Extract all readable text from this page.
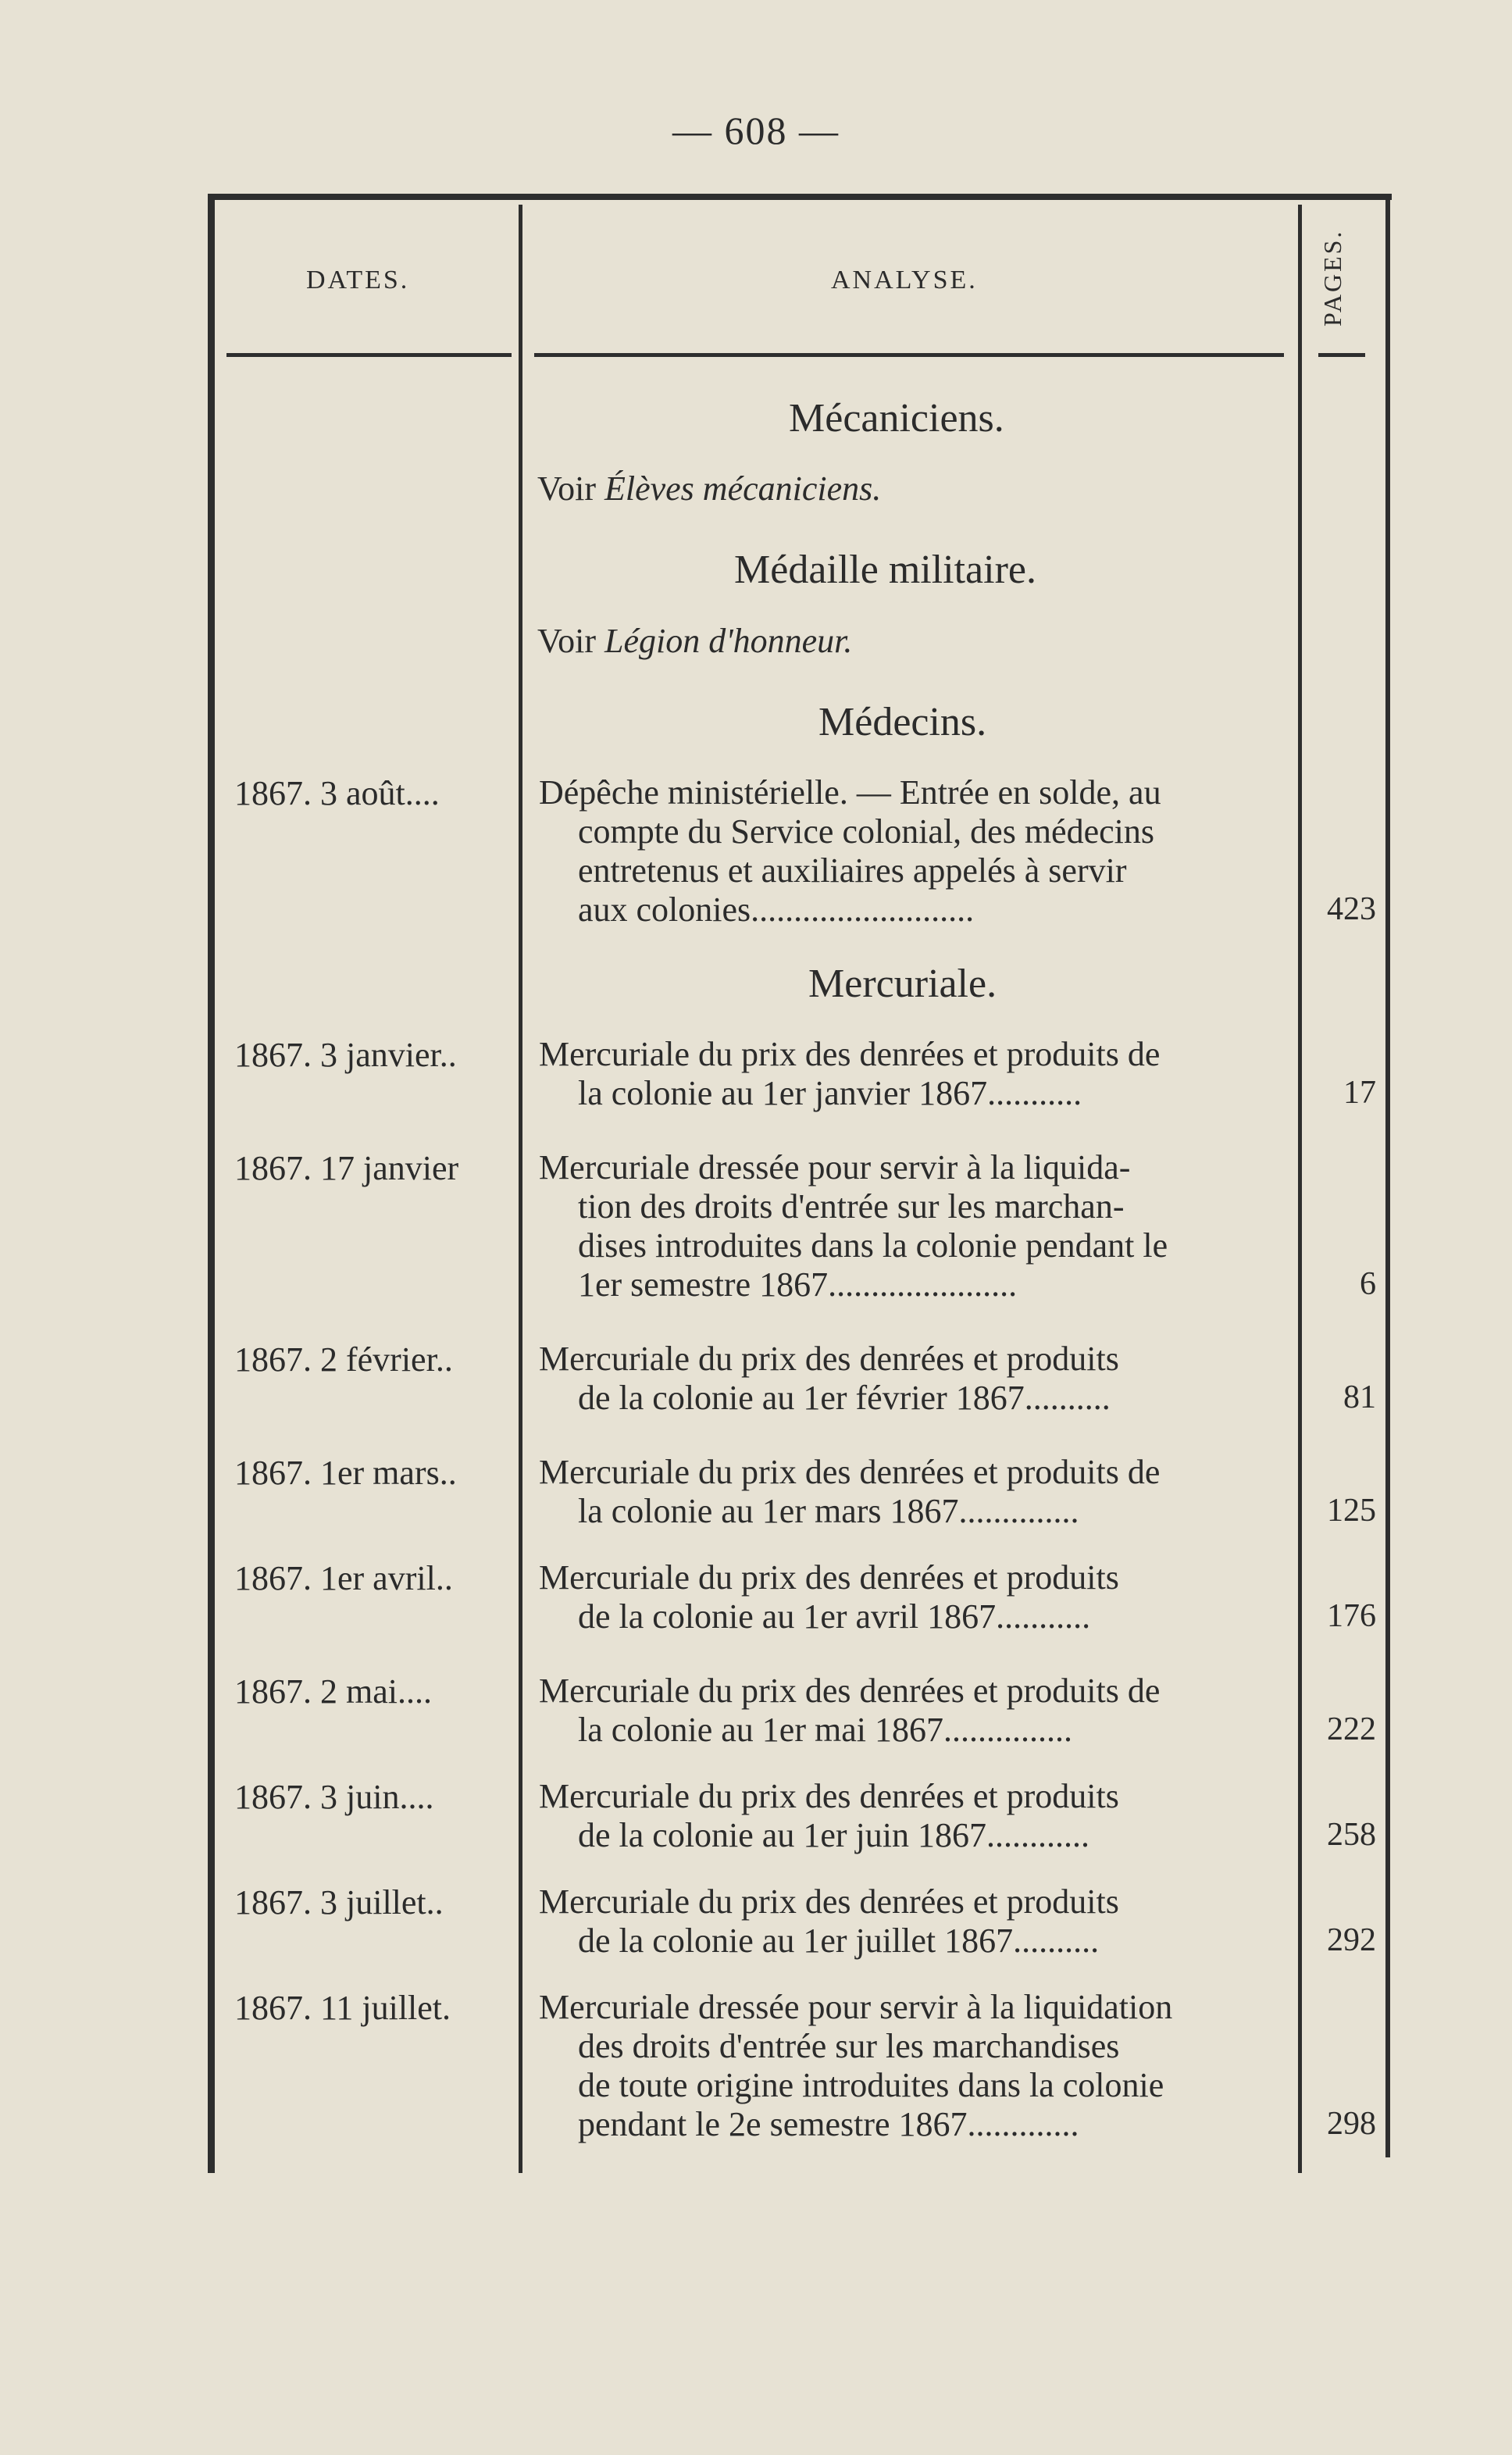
— 608 —
DATES.	ANALYSE.	PAGES.
Mécaniciens.
Voir Élèves mécaniciens.
Médaille militaire.
Voir Légion d'honneur.
Médecins.
1867. 3 août....	Dépêche ministérielle. — Entrée en solde, au
compte du Service colonial, des médecins
entretenus et auxiliaires appelés à servir
aux colonies..........................	423
Mercuriale.
1867. 3 janvier.. Mercuriale du prix des denrées et produits de
la colonie au 1er janvier 1867...........	17
1867. 17 janvier Mercuriale dressée pour servir à la liquida-
tion des droits d'entrée sur les marchan-
dises introduites dans la colonie pendant le
1er semestre 1867......................	6
1867. 2 février..	Mercuriale du prix des denrées et produits
de la colonie au 1er février 1867..........	81
1867. 1er mars.. Mercuriale du prix des denrées et produits de
la colonie au 1er mars 1867..............	125
1867. 1er avril..	Mercuriale du prix des denrées et produits
de la colonie au 1er avril 1867...........	176
1867. 2 mai....	Mercuriale du prix des denrées et produits de
la colonie au 1er mai 1867...............	222
1867. 3 juin....	Mercuriale du prix des denrées et produits
de la colonie au 1er juin 1867............	258
1867. 3 juillet..	Mercuriale du prix des denrées et produits
de la colonie au 1er juillet 1867..........	292
1867. 11 juillet.	Mercuriale dressée pour servir à la liquidation
des droits d'entrée sur les marchandises
de toute origine introduites dans la colonie
pendant le 2e semestre 1867.............	298
